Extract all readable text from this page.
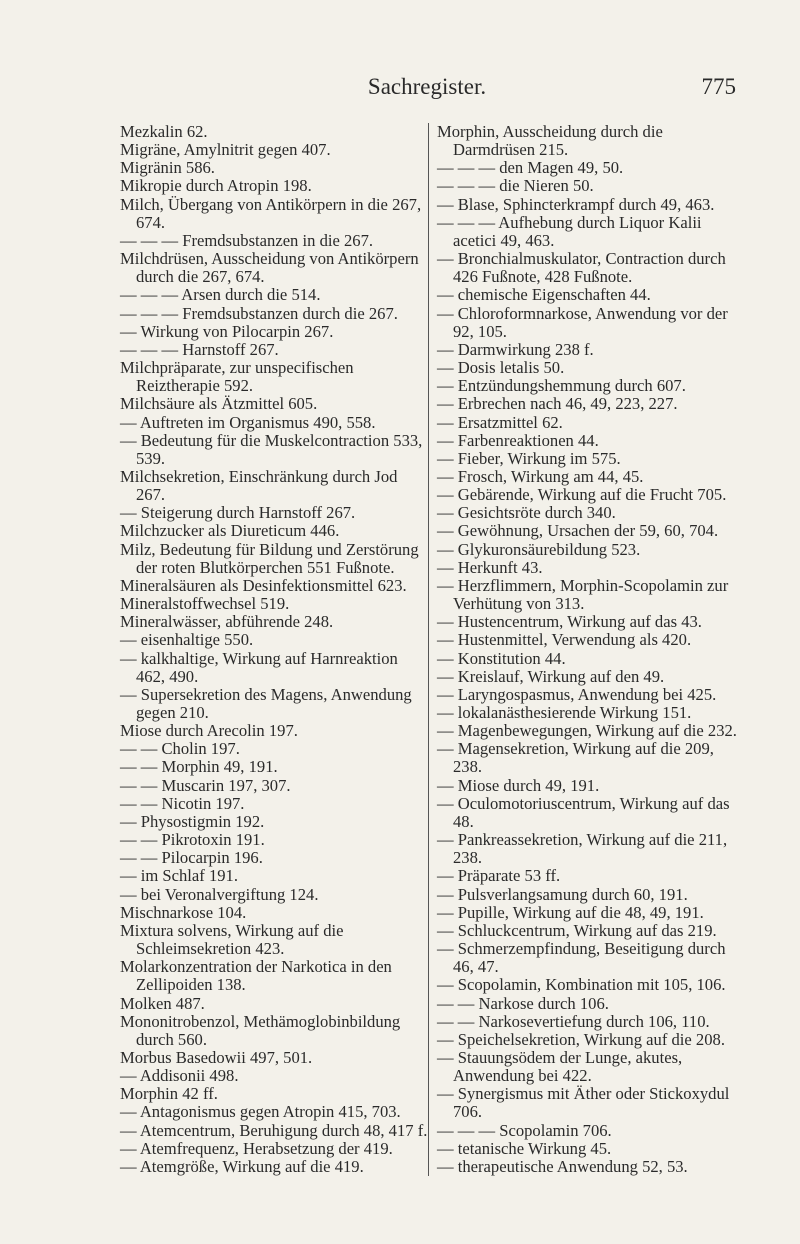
Sachregister.	775
Mezkalin 62.
Migräne, Amylnitrit gegen 407.
Migränin 586.
Mikropie durch Atropin 198.
Milch, Übergang von Antikörpern in die 267, 674.
— — — Fremdsubstanzen in die 267.
Milchdrüsen, Ausscheidung von Antikörpern durch die 267, 674.
— — — Arsen durch die 514.
— — — Fremdsubstanzen durch die 267.
— Wirkung von Pilocarpin 267.
— — — Harnstoff 267.
Milchpräparate, zur unspecifischen Reiztherapie 592.
Milchsäure als Ätzmittel 605.
— Auftreten im Organismus 490, 558.
— Bedeutung für die Muskelcontraction 533, 539.
Milchsekretion, Einschränkung durch Jod 267.
— Steigerung durch Harnstoff 267.
Milchzucker als Diureticum 446.
Milz, Bedeutung für Bildung und Zerstörung der roten Blutkörperchen 551 Fußnote.
Mineralsäuren als Desinfektionsmittel 623.
Mineralstoffwechsel 519.
Mineralwässer, abführende 248.
— eisenhaltige 550.
— kalkhaltige, Wirkung auf Harnreaktion 462, 490.
— Supersekretion des Magens, Anwendung gegen 210.
Miose durch Arecolin 197.
— — Cholin 197.
— — Morphin 49, 191.
— — Muscarin 197, 307.
— — Nicotin 197.
— Physostigmin 192.
— — Pikrotoxin 191.
— — Pilocarpin 196.
— im Schlaf 191.
— bei Veronalvergiftung 124.
Mischnarkose 104.
Mixtura solvens, Wirkung auf die Schleimsekretion 423.
Molarkonzentration der Narkotica in den Zellipoiden 138.
Molken 487.
Mononitrobenzol, Methämoglobinbildung durch 560.
Morbus Basedowii 497, 501.
— Addisonii 498.
Morphin 42 ff.
— Antagonismus gegen Atropin 415, 703.
— Atemcentrum, Beruhigung durch 48, 417 f.
— Atemfrequenz, Herabsetzung der 419.
— Atemgröße, Wirkung auf die 419.
Morphin, Ausscheidung durch die Darmdrüsen 215.
— — — den Magen 49, 50.
— — — die Nieren 50.
— Blase, Sphincterkrampf durch 49, 463.
— — — Aufhebung durch Liquor Kalii acetici 49, 463.
— Bronchialmuskulator, Contraction durch 426 Fußnote, 428 Fußnote.
— chemische Eigenschaften 44.
— Chloroformnarkose, Anwendung vor der 92, 105.
— Darmwirkung 238 f.
— Dosis letalis 50.
— Entzündungshemmung durch 607.
— Erbrechen nach 46, 49, 223, 227.
— Ersatzmittel 62.
— Farbenreaktionen 44.
— Fieber, Wirkung im 575.
— Frosch, Wirkung am 44, 45.
— Gebärende, Wirkung auf die Frucht 705.
— Gesichtsröte durch 340.
— Gewöhnung, Ursachen der 59, 60, 704.
— Glykuronsäurebildung 523.
— Herkunft 43.
— Herzflimmern, Morphin-Scopolamin zur Verhütung von 313.
— Hustencentrum, Wirkung auf das 43.
— Hustenmittel, Verwendung als 420.
— Konstitution 44.
— Kreislauf, Wirkung auf den 49.
— Laryngospasmus, Anwendung bei 425.
— lokalanästhesierende Wirkung 151.
— Magenbewegungen, Wirkung auf die 232.
— Magensekretion, Wirkung auf die 209, 238.
— Miose durch 49, 191.
— Oculomotoriuscentrum, Wirkung auf das 48.
— Pankreassekretion, Wirkung auf die 211, 238.
— Präparate 53 ff.
— Pulsverlangsamung durch 60, 191.
— Pupille, Wirkung auf die 48, 49, 191.
— Schluckcentrum, Wirkung auf das 219.
— Schmerzempfindung, Beseitigung durch 46, 47.
— Scopolamin, Kombination mit 105, 106.
— — Narkose durch 106.
— — Narkosevertiefung durch 106, 110.
— Speichelsekretion, Wirkung auf die 208.
— Stauungsödem der Lunge, akutes, Anwendung bei 422.
— Synergismus mit Äther oder Stickoxydul 706.
— — — Scopolamin 706.
— tetanische Wirkung 45.
— therapeutische Anwendung 52, 53.
